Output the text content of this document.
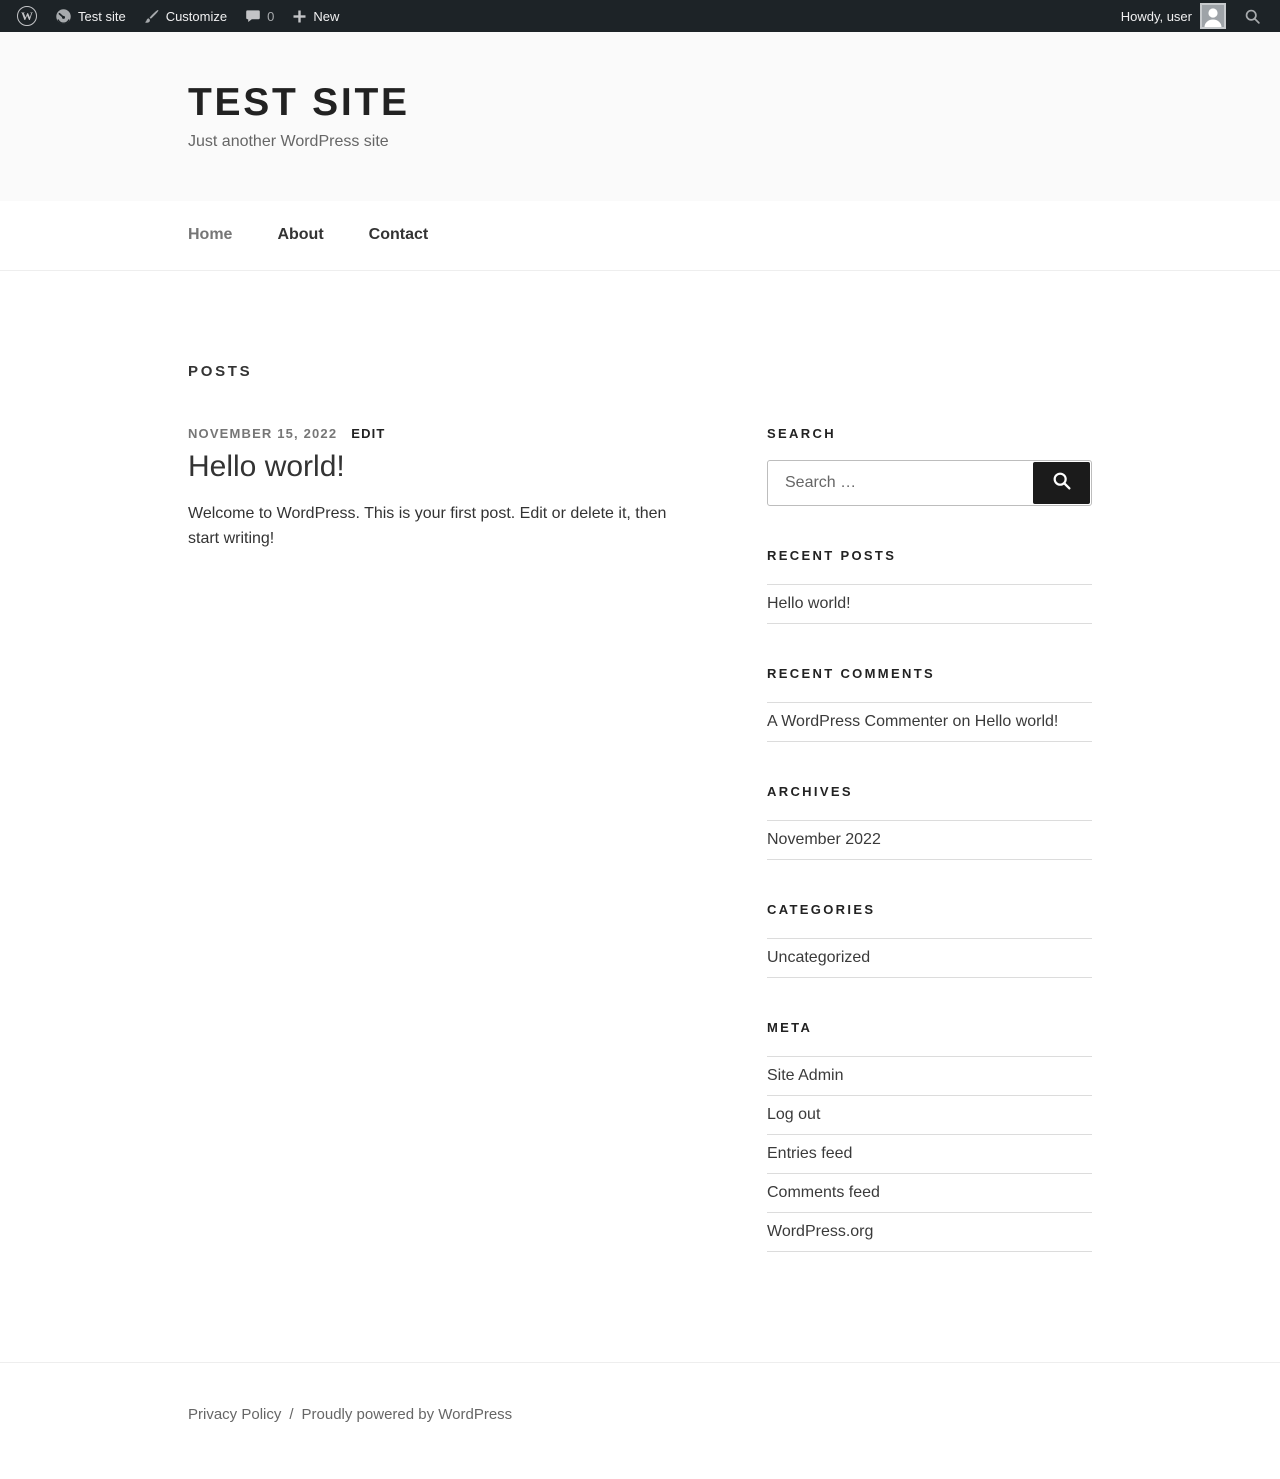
W	Test site	Customize	0	New	Howdy, user
TEST SITE
Just another WordPress site
Home	About	Contact
POSTS
NOVEMBER 15, 2022 EDIT
Hello world!

Welcome to WordPress. This is your first post. Edit or delete it, then start writing!

SEARCH
Search …
RECENT POSTS
Hello world!
RECENT COMMENTS
A WordPress Commenter on Hello world!
ARCHIVES
November 2022
CATEGORIES
Uncategorized
META
Site Admin
Log out
Entries feed
Comments feed
WordPress.org
Privacy Policy / Proudly powered by WordPress
